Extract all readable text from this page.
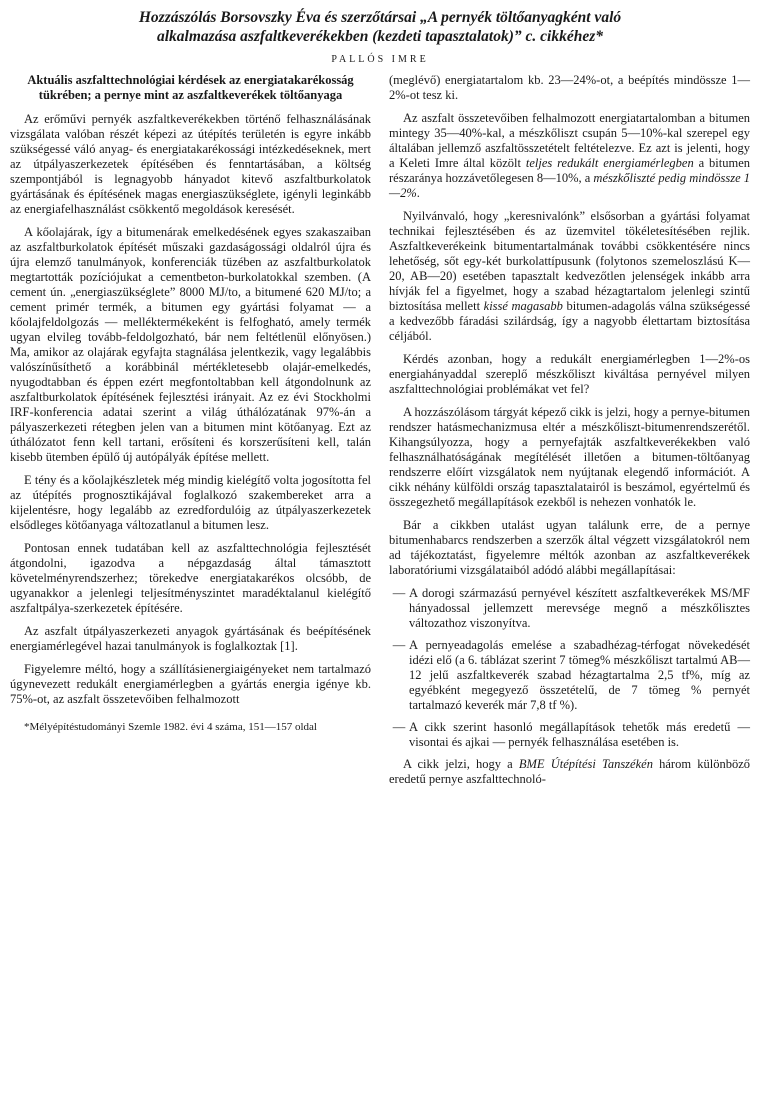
Hozzászólás Borsovszky Éva és szerzőtársai „A pernyék töltőanyagként való
alkalmazása aszfaltkeverékekben (kezdeti tapasztalatok)” c. cikkéhez*
PALLÓS IMRE
Aktuális aszfalttechnológiai kérdések az energiatakarékosság tükrében; a pernye mint az aszfaltkeverékek töltőanyaga

Az erőművi pernyék aszfaltkeverékekben történő felhasználásának vizsgálata valóban részét képezi az útépítés területén is egyre inkább szükségessé váló anyag- és energiatakarékossági intézkedéseknek, mert az útpályaszerkezetek építésében és fenntartásában, a költség szempontjából is legnagyobb hányadot kitevő aszfaltburkolatok gyártásának és építésének magas energiaszükséglete, igényli leginkább az energiafelhasználást csökkentő megoldások keresését.

A kőolajárak, így a bitumenárak emelkedésének egyes szakaszaiban az aszfaltburkolatok építését műszaki gazdaságossági oldalról újra és újra elemző tanulmányok, konferenciák tüzében az aszfaltburkolatok megtartották pozíciójukat a cementbeton-burkolatokkal szemben. (A cement ún. „energiaszükséglete” 8000 MJ/to, a bitumené 620 MJ/to; a cement primér termék, a bitumen egy gyártási folyamat — a kőolajfeldolgozás — melléktermékeként is felfogható, amely termék ugyan elvileg tovább-feldolgozható, bár nem feltétlenül előnyösen.) Ma, amikor az olajárak egyfajta stagnálása jelentkezik, vagy legalábbis valószínűsíthető a korábbinál mértékletesebb olajár-emelkedés, nyugodtabban és éppen ezért megfontoltabban kell átgondolnunk az aszfaltburkolatok építésének fejlesztési irányait. Az ez évi Stockholmi IRF-konferencia adatai szerint a világ úthálózatának 97%-án a pályaszerkezeti rétegben jelen van a bitumen mint kötőanyag. Ezt az úthálózatot fenn kell tartani, erősíteni és korszerűsíteni kell, talán kisebb ütemben épülő új autópályák építése mellett.

E tény és a kőolajkészletek még mindig kielégítő volta jogosította fel az útépítés prognosztikájával foglalkozó szakembereket arra a kijelentésre, hogy legalább az ezredfordulóig az útpályaszerkezetek elsődleges kötőanyaga változatlanul a bitumen lesz.

Pontosan ennek tudatában kell az aszfalttechnológia fejlesztését átgondolni, igazodva a népgazdaság által támasztott követelményrendszerhez; törekedve energiatakarékos olcsóbb, de ugyanakkor a jelenlegi teljesítményszintet maradéktalanul kielégítő aszfaltpálya-szerkezetek építésére.

Az aszfalt útpályaszerkezeti anyagok gyártásának és beépítésének energiamérlegével hazai tanulmányok is foglalkoztak [1].

Figyelemre méltó, hogy a szállításienergiaigényeket nem tartalmazó úgynevezett redukált energiamérlegben a gyártás energia igénye kb. 75%-ot, az aszfalt összetevőiben felhalmozott

*Mélyépítéstudományi Szemle 1982. évi 4 száma, 151—157 oldal

(meglévő) energiatartalom kb. 23—24%-ot, a beépítés mindössze 1—2%-ot tesz ki.

Az aszfalt összetevőiben felhalmozott energiatartalomban a bitumen mintegy 35—40%-kal, a mészkőliszt csupán 5—10%-kal szerepel egy általában jellemző aszfaltösszetételt feltételezve. Ez azt is jelenti, hogy a Keleti Imre által közölt teljes redukált energiamérlegben a bitumen részaránya hozzávetőlegesen 8—10%, a mészkőliszté pedig mindössze 1—2%.

Nyilvánvaló, hogy „keresnivalónk” elsősorban a gyártási folyamat technikai fejlesztésében és az üzemvitel tökéletesítésében rejlik. Aszfaltkeverékeink bitumentartalmának további csökkentésére nincs lehetőség, sőt egy-két burkolattípusunk (folytonos szemeloszlású K—20, AB—20) esetében tapasztalt kedvezőtlen jelenségek inkább arra hívják fel a figyelmet, hogy a szabad hézagtartalom jelenlegi szintű biztosítása mellett kissé magasabb bitumen-adagolás válna szükségessé a kedvezőbb fáradási szilárdság, így a nagyobb élettartam biztosítása céljából.

Kérdés azonban, hogy a redukált energiamérlegben 1—2%-os energiahányaddal szereplő mészkőliszt kiváltása pernyével milyen aszfalttechnológiai problémákat vet fel?

A hozzászólásom tárgyát képező cikk is jelzi, hogy a pernye-bitumen rendszer hatásmechanizmusa eltér a mészkőliszt-bitumenrendszerétől. Kihangsúlyozza, hogy a pernyefajták aszfaltkeverékekben való felhasználhatóságának megítélését illetően a bitumen-töltőanyag rendszerre előírt vizsgálatok nem nyújtanak elegendő információt. A cikk néhány külföldi ország tapasztalatairól is beszámol, egyértelmű és összegezhető megállapítások ezekből is nehezen vonhatók le.

Bár a cikkben utalást ugyan találunk erre, de a pernye bitumenhabarcs rendszerben a szerzők által végzett vizsgálatokról nem ad tájékoztatást, figyelemre méltók azonban az aszfaltkeverékek laboratóriumi vizsgálataiból adódó alábbi megállapításai:

— A dorogi származású pernyével készített aszfaltkeverékek MS/MF hányadossal jellemzett merevsége megnő a mészkőlisztes változathoz viszonyítva.
— A pernyeadagolás emelése a szabadhézag-térfogat növekedését idézi elő (a 6. táblázat szerint 7 tömeg% mészkőliszt tartalmú AB—12 jelű aszfaltkeverék szabad hézagtartalma 2,5 tf%, míg az egyébként megegyező összetételű, de 7 tömeg % pernyét tartalmazó keverék már 7,8 tf %).
— A cikk szerint hasonló megállapítások tehetők más eredetű — visontai és ajkai — pernyék felhasználása esetében is.

A cikk jelzi, hogy a BME Útépítési Tanszékén három különböző eredetű pernye aszfalttechnoló-
